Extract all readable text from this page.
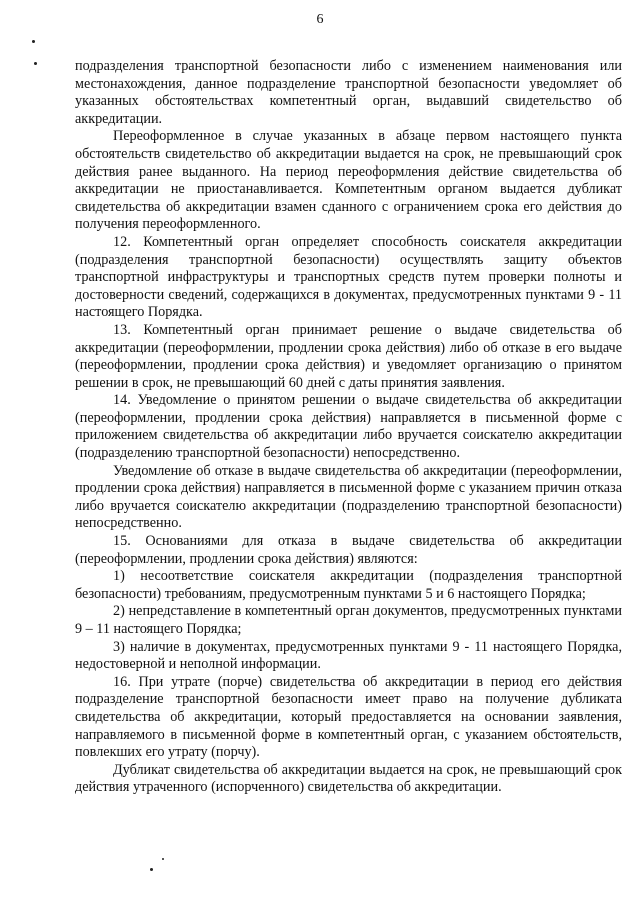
6

подразделения транспортной безопасности либо с изменением наименования или местонахождения, данное подразделение транспортной безопасности уведомляет об указанных обстоятельствах компетентный орган, выдавший свидетельство об аккредитации.

Переоформленное в случае указанных в абзаце первом настоящего пункта обстоятельств свидетельство об аккредитации выдается на срок, не превышающий срок действия ранее выданного. На период переоформления действие свидетельства об аккредитации не приостанавливается. Компетентным органом выдается дубликат свидетельства об аккредитации взамен сданного с ограничением срока его действия до получения переоформленного.

12. Компетентный орган определяет способность соискателя аккредитации (подразделения транспортной безопасности) осуществлять защиту объектов транспортной инфраструктуры и транспортных средств путем проверки полноты и достоверности сведений, содержащихся в документах, предусмотренных пунктами 9 - 11 настоящего Порядка.

13. Компетентный орган принимает решение о выдаче свидетельства об аккредитации (переоформлении, продлении срока действия) либо об отказе в его выдаче (переоформлении, продлении срока действия) и уведомляет организацию о принятом решении в срок, не превышающий 60 дней с даты принятия заявления.

14. Уведомление о принятом решении о выдаче свидетельства об аккредитации (переоформлении, продлении срока действия) направляется в письменной форме с приложением свидетельства об аккредитации либо вручается соискателю аккредитации (подразделению транспортной безопасности) непосредственно.

Уведомление об отказе в выдаче свидетельства об аккредитации (переоформлении, продлении срока действия) направляется в письменной форме с указанием причин отказа либо вручается соискателю аккредитации (подразделению транспортной безопасности) непосредственно.

15. Основаниями для отказа в выдаче свидетельства об аккредитации (переоформлении, продлении срока действия) являются:

1) несоответствие соискателя аккредитации (подразделения транспортной безопасности) требованиям, предусмотренным пунктами 5 и 6 настоящего Порядка;

2) непредставление в компетентный орган документов, предусмотренных пунктами 9 – 11 настоящего Порядка;

3) наличие в документах, предусмотренных пунктами 9 - 11 настоящего Порядка, недостоверной и неполной информации.

16. При утрате (порче) свидетельства об аккредитации в период его действия подразделение транспортной безопасности имеет право на получение дубликата свидетельства об аккредитации, который предоставляется на основании заявления, направляемого в письменной форме в компетентный орган, с указанием обстоятельств, повлекших его утрату (порчу).

Дубликат свидетельства об аккредитации выдается на срок, не превышающий срок действия утраченного (испорченного) свидетельства об аккредитации.
